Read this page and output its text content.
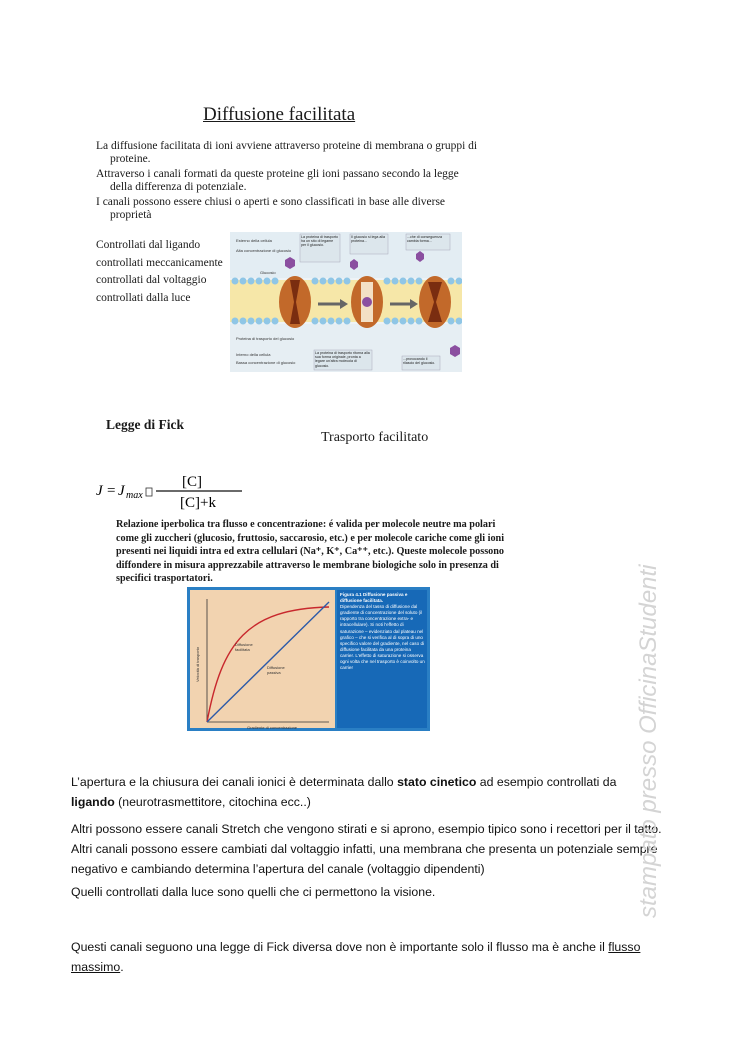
Diffusione facilitata
La diffusione facilitata di ioni avviene attraverso proteine di membrana o gruppi di
proteine.
Attraverso i canali formati da queste proteine gli ioni passano secondo la legge
della differenza di potenziale.
I canali possono essere chiusi o aperti e sono classificati in base alle diverse
proprietà
Controllati dal ligando
controllati meccanicamente
controllati dal voltaggio
controllati dalla luce
Esterno della cellula
Alta concentrazione di glucosio
Glucosio
Proteina di trasporto del glucosio
Interno della cellula
Bassa concentrazione di glucosio
La proteina di trasporto ha un sito di legame per il glucosio.
Il glucosio si lega alla proteina...
...che di conseguenza cambia forma...
La proteina di trasporto ritorna alla sua forma originale, pronta a legare un'altra molecola di glucosio.
...provocando il rilascio del glucosio.
Legge di Fick
Trasporto facilitato
J = J max
[C]
[C]+k
Relazione iperbolica tra flusso e concentrazione: é valida per molecole neutre ma polari come gli zuccheri (glucosio, fruttosio, saccarosio, etc.) e per molecole cariche come gli ioni presenti nei liquidi intra ed extra cellulari (Na⁺, K⁺, Ca⁺⁺, etc.). Queste molecole possono diffondere in misura apprezzabile attraverso le membrane biologiche solo in presenza di specifici trasportatori.
Velocità di trasporto
Gradiente di concentrazione
Diffusione facilitata
Diffusione passiva
Figura 4.1 Diffusione passiva e diffusione facilitata.
Dipendenza del tasso di diffusione dal gradiente di concentrazione del soluto (il rapporto tra concentrazione extra- e intracellulare). Si noti l'effetto di saturazione – evidenziato dal plateau nel grafico – che si verifica al di sopra di uno specifico valore del gradiente, nel caso di diffusione facilitata da una proteina carrier. L'effetto di saturazione si osserva ogni volta che nel trasporto è coinvolto un carrier

L’apertura e la chiusura dei canali ionici è determinata dallo stato cinetico ad esempio controllati da
ligando (neurotrasmettitore, citochina ecc..)

Altri possono essere canali Stretch che vengono stirati e si aprono, esempio tipico sono i recettori per il tatto. Altri canali possono essere cambiati dal voltaggio infatti, una membrana che presenta un potenziale sempre negativo e cambiando determina l’apertura del canale (voltaggio dipendenti)

Quelli controllati dalla luce sono quelli che ci permettono la visione.

Questi canali seguono una legge di Fick diversa dove non è importante solo il flusso ma è anche il flusso massimo.

stampato presso OfficinaStudenti
